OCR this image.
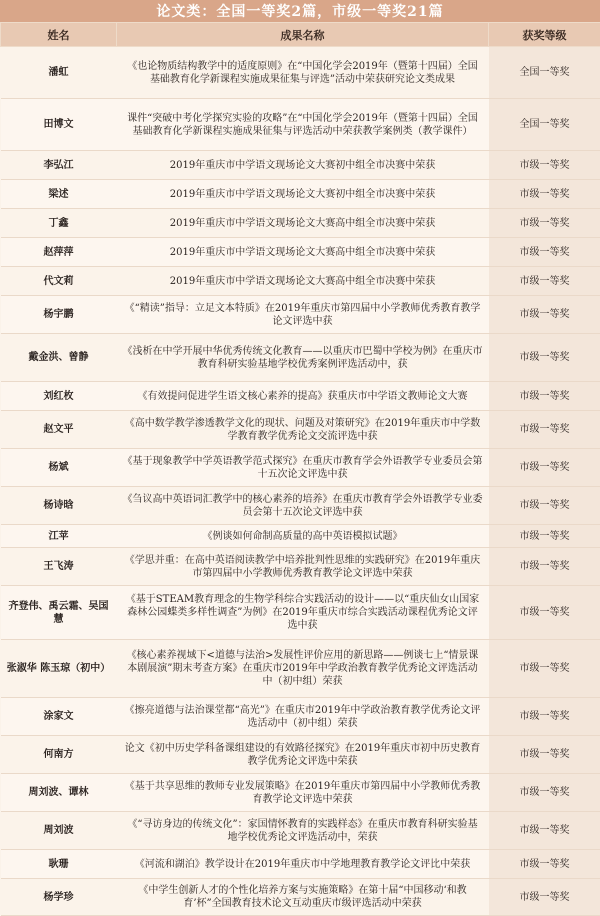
论文类：全国一等奖2篇，市级一等奖21篇
姓名	成果名称	获奖等级
潘虹	《也论物质结构教学中的适度原则》在“中国化学会2019年（暨第十四届）全国基础教育化学新课程实施成果征集与评选”活动中荣获研究论文类成果	全国一等奖
田博文	课件“突破中考化学探究实验的攻略”在“中国化学会2019年（暨第十四届）全国基础教育化学新课程实施成果征集与评选活动中荣获教学案例类（教学课件）	全国一等奖
李弘江	2019年重庆市中学语文现场论文大赛初中组全市决赛中荣获	市级一等奖
梁述	2019年重庆市中学语文现场论文大赛初中组全市决赛中荣获	市级一等奖
丁鑫	2019年重庆市中学语文现场论文大赛高中组全市决赛中荣获	市级一等奖
赵萍萍	2019年重庆市中学语文现场论文大赛高中组全市决赛中荣获	市级一等奖
代文莉	2019年重庆市中学语文现场论文大赛高中组全市决赛中荣获	市级一等奖
杨宇鹏	《“精读”指导：立足文本特质》在2019年重庆市第四届中小学教师优秀教育教学论文评选中获	市级一等奖
戴金洪、曾静	《浅析在中学开展中华优秀传统文化教育——以重庆市巴蜀中学校为例》在重庆市教育科研实验基地学校优秀案例评选活动中，获	市级一等奖
刘红枚	《有效提问促进学生语文核心素养的提高》获重庆市中学语文教师论文大赛	市级一等奖
赵文平	《高中数学教学渗透教学文化的现状、问题及对策研究》在2019年重庆市中学数学教育教学优秀论文交流评选中获	市级一等奖
杨斌	《基于现象教学中学英语教学范式探究》在重庆市教育学会外语教学专业委员会第十五次论文评选中获	市级一等奖
杨诗晗	《刍议高中英语词汇教学中的核心素养的培养》在重庆市教育学会外语教学专业委员会第十五次论文评选中获	市级一等奖
江苹	《例谈如何命制高质量的高中英语模拟试题》	市级一等奖
王飞涛	《学思并重：在高中英语阅读教学中培养批判性思维的实践研究》在2019年重庆市第四届中小学教师优秀教育教学论文评选中荣获	市级一等奖
齐登伟、禹云霜、吴国慧	《基于STEAM教育理念的生物学科综合实践活动的设计——以“重庆仙女山国家森林公园蝶类多样性调查”为例》在2019年重庆市综合实践活动课程优秀论文评选中获	市级一等奖
张淑华 陈玉琼（初中）	《核心素养视域下<道德与法治>发展性评价应用的新思路——例谈七上“情景课本剧展演”期末考查方案》在重庆市2019年中学政治教育教学优秀论文评选活动中（初中组）荣获	市级一等奖
涂家文	《擦亮道德与法治课堂都“高光”》在重庆市2019年中学政治教育教学优秀论文评选活动中（初中组）荣获	市级一等奖
何南方	论文《初中历史学科备课组建设的有效路径探究》在2019年重庆市初中历史教育教学优秀论文评选中荣获	市级一等奖
周刘波、谭林	《基于共享思维的教师专业发展策略》在2019年重庆市第四届中小学教师优秀教育教学论文评选中荣获	市级一等奖
周刘波	《“寻访身边的传统文化”：家国情怀教育的实践样态》在重庆市教育科研实验基地学校优秀论文评选活动中，荣获	市级一等奖
耿珊	《河流和湖泊》教学设计在2019年重庆市中学地理教育教学论文评比中荣获	市级一等奖
杨学珍	《中学生创新人才的个性化培养方案与实施策略》在第十届“中国移动‘和教育’杯”全国教育技术论文互动重庆市级评选活动中荣获	市级一等奖
